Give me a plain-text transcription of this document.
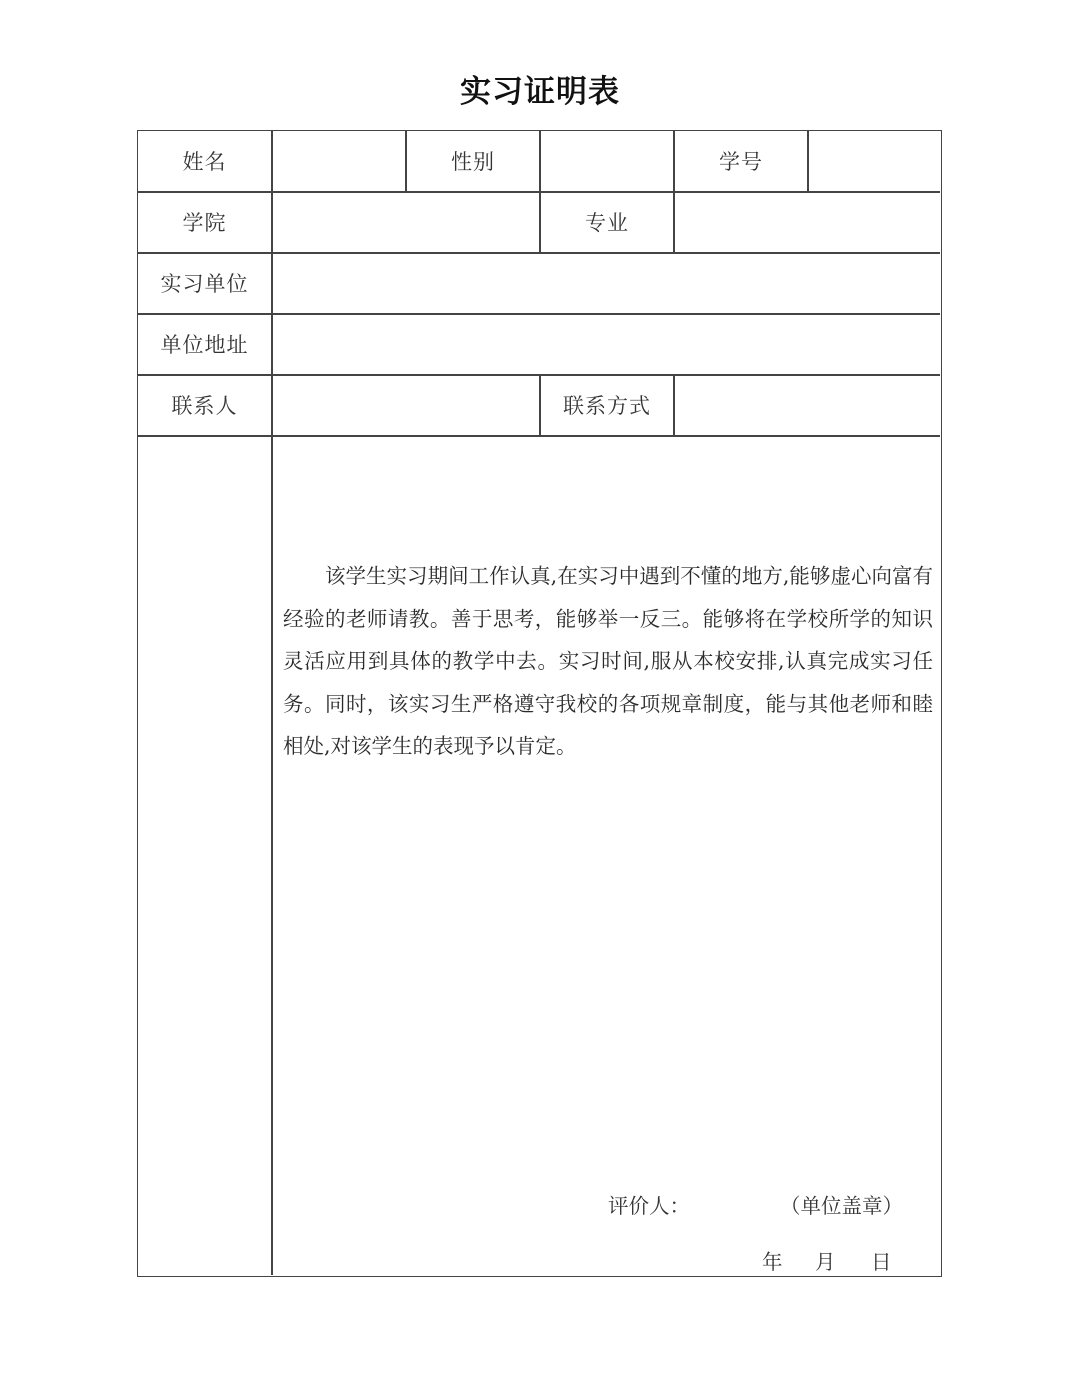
实习证明表
姓名	性别	学号
学院	专业
实习单位
单位地址
联系人	联系方式

该学生实习期间工作认真,在实习中遇到不懂的地方,能够虚心向富有经验的老师请教。善于思考，能够举一反三。能够将在学校所学的知识灵活应用到具体的教学中去。实习时间,服从本校安排,认真完成实习任务。同时，该实习生严格遵守我校的各项规章制度，能与其他老师和睦相处,对该学生的表现予以肯定。

评价人：	（单位盖章）
年 月 日
